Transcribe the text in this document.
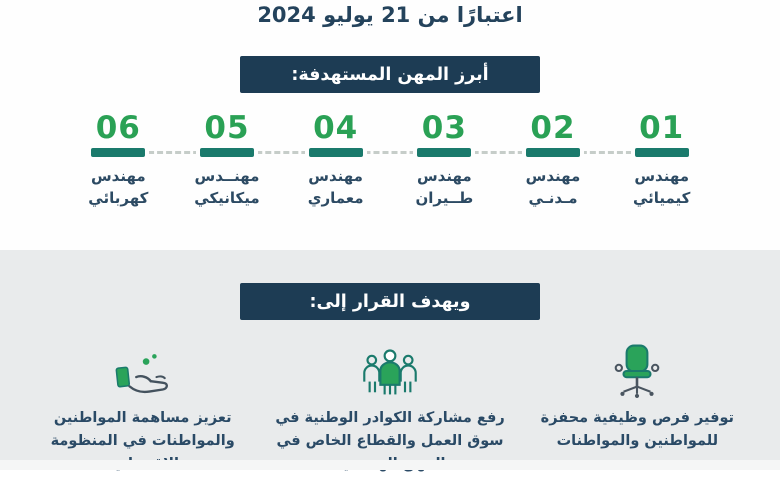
اعتبارًا من 21 يوليو 2024
أبرز المهن المستهدفة:
01
مهندس
كيميائي
02
مهندس
مـدنـي
03
مهندس
طــيران
04
مهندس
معماري
05
مهنــدس
ميكانيكي
06
مهندس
كهربائي
ويهدف القرار إلى:
توفير فرص وظيفية محفزة
للمواطنين والمواطنات
رفع مشاركة الكوادر الوطنية في
سوق العمل والقطاع الخاص في
تعزيز مساهمة المواطنين
والمواطنات في المنظومة
